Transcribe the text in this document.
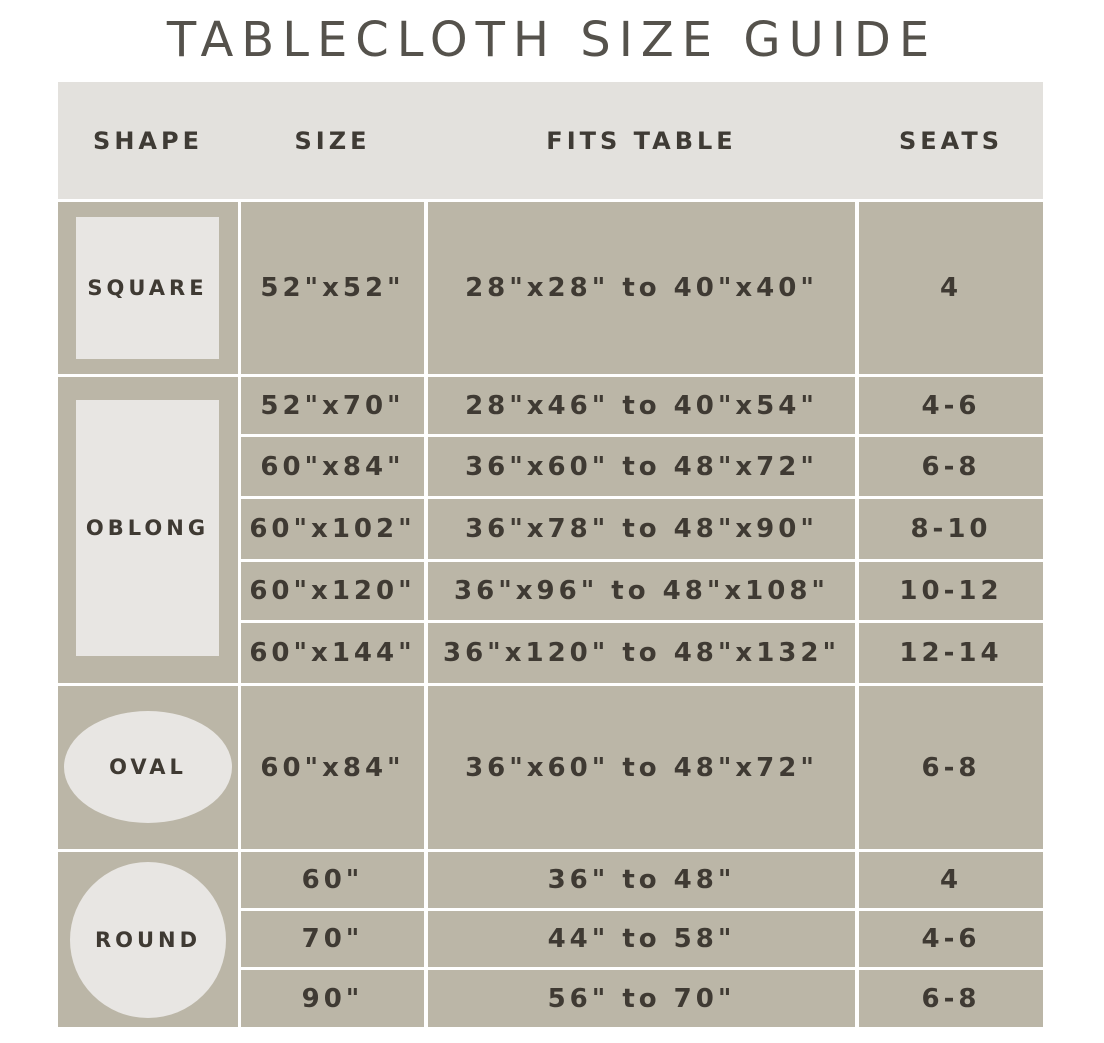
TABLECLOTH SIZE GUIDE
SHAPE	SIZE	FITS TABLE	SEATS
SQUARE	52"x52"	28"x28" to 40"x40"	4
OBLONG
52"x70"	28"x46" to 40"x54"	4-6
60"x84"	36"x60" to 48"x72"	6-8
60"x102"	36"x78" to 48"x90"	8-10
60"x120"	36"x96" to 48"x108"	10-12
60"x144"	36"x120" to 48"x132"	12-14
OVAL	60"x84"	36"x60" to 48"x72"	6-8
ROUND
60"	36" to 48"	4
70"	44" to 58"	4-6
90"	56" to 70"	6-8
